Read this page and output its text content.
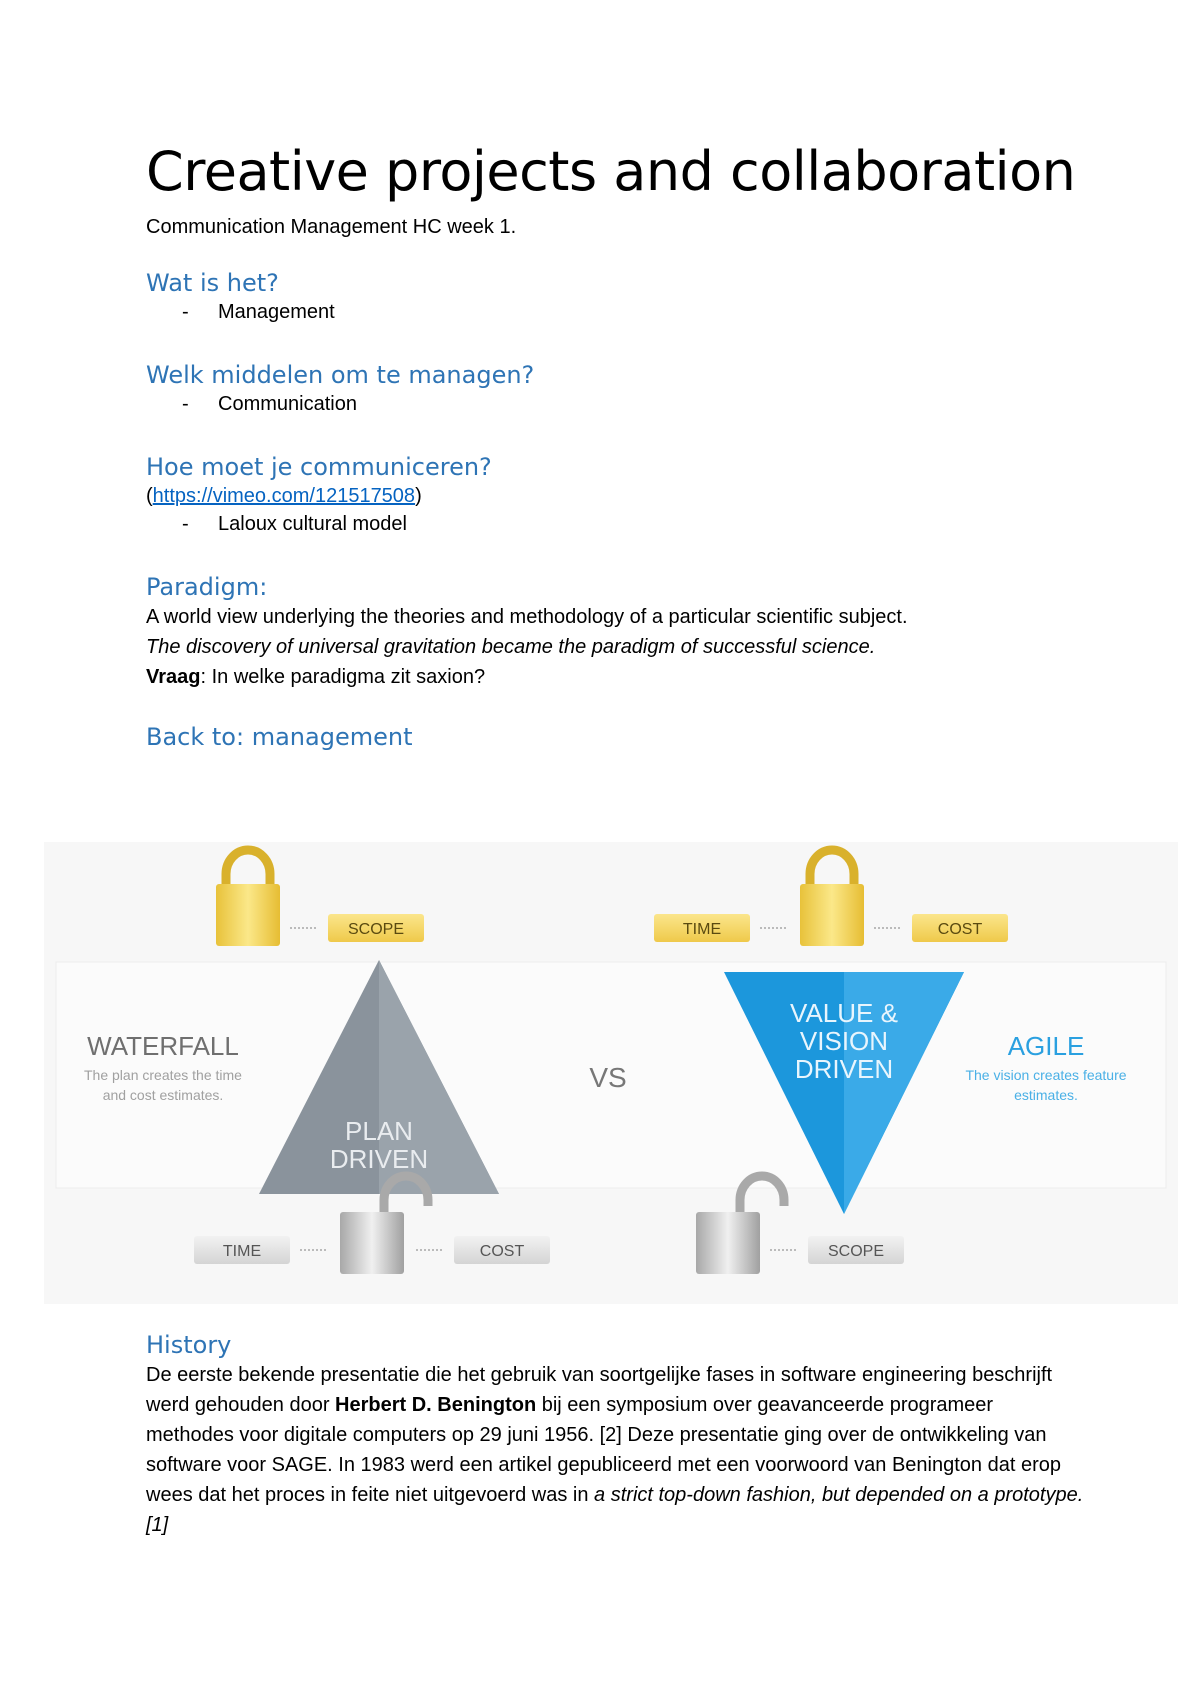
Creative projects and collaboration

Communication Management HC week 1.

Wat is het?
- Management
Welk middelen om te managen?
- Communication
Hoe moet je communiceren?

(https://vimeo.com/121517508)

- Laloux cultural model
Paradigm:

A world view underlying the theories and methodology of a particular scientific subject.

The discovery of universal gravitation became the paradigm of successful science.

Vraag: In welke paradigma zit saxion?

Back to: management
SCOPE
WATERFALL
The plan creates the time
and cost estimates.
PLAN
DRIVEN
TIME	COST
VS
TIME	COST
VALUE &
VISION
DRIVEN
AGILE
The vision creates feature
estimates.
SCOPE
History

De eerste bekende presentatie die het gebruik van soortgelijke fases in software engineering beschrijft werd gehouden door Herbert D. Benington bij een symposium over geavanceerde programeer methodes voor digitale computers op 29 juni 1956. [2] Deze presentatie ging over de ontwikkeling van software voor SAGE. In 1983 werd een artikel gepubliceerd met een voorwoord van Benington dat erop wees dat het proces in feite niet uitgevoerd was in a strict top-down fashion, but depended on a prototype.[1]
